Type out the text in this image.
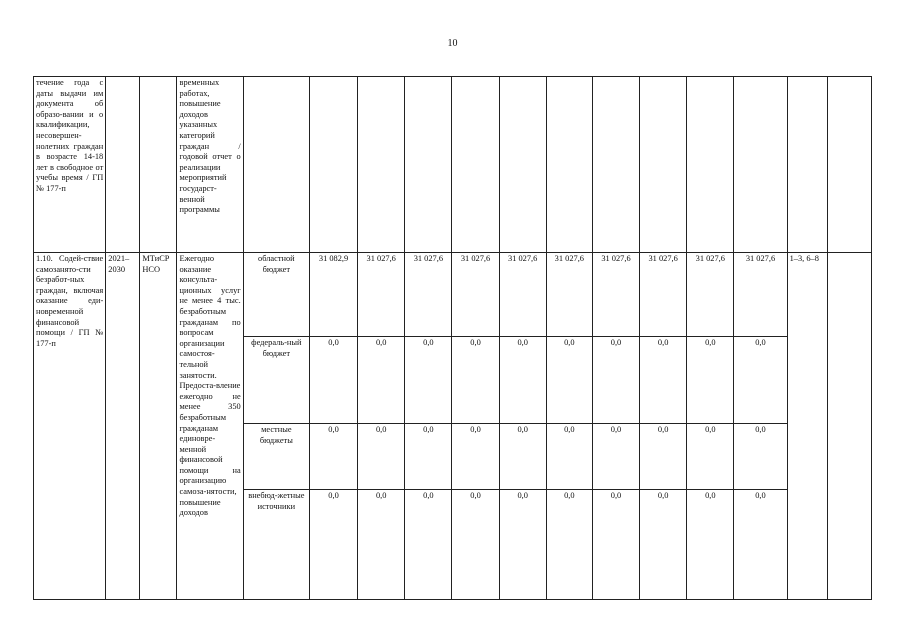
10
течение года с даты выдачи им документа об образо-вании и о квалификации, несовершен-нолетних граждан в возрасте 14-18 лет в свободное от учебы время / ГП № 177-п			временных работах, повышение доходов указанных категорий граждан / годовой отчет о реализации мероприятий государст-венной программы													
1.10. Содей-ствие самозанято-сти безработ-ных граждан, включая оказание еди-новременной финансовой помощи / ГП № 177-п	2021–2030	МТиСР НСО	Ежегодно оказание консульта-ционных услуг не менее 4 тыс. безработным гражданам по вопросам организации самостоя-тельной занятости. Предоста-вление ежегодно не менее 350 безработным гражданам единовре-менной финансовой помощи на организацию самоза-нятости, повышение доходов	областной бюджет	31 082,9	31 027,6	31 027,6	31 027,6	31 027,6	31 027,6	31 027,6	31 027,6	31 027,6	31 027,6	1–3, 6–8	
				федераль-ный бюджет	0,0	0,0	0,0	0,0	0,0	0,0	0,0	0,0	0,0	0,0		
				местные бюджеты	0,0	0,0	0,0	0,0	0,0	0,0	0,0	0,0	0,0	0,0		
				внебюд-жетные источники	0,0	0,0	0,0	0,0	0,0	0,0	0,0	0,0	0,0	0,0		
